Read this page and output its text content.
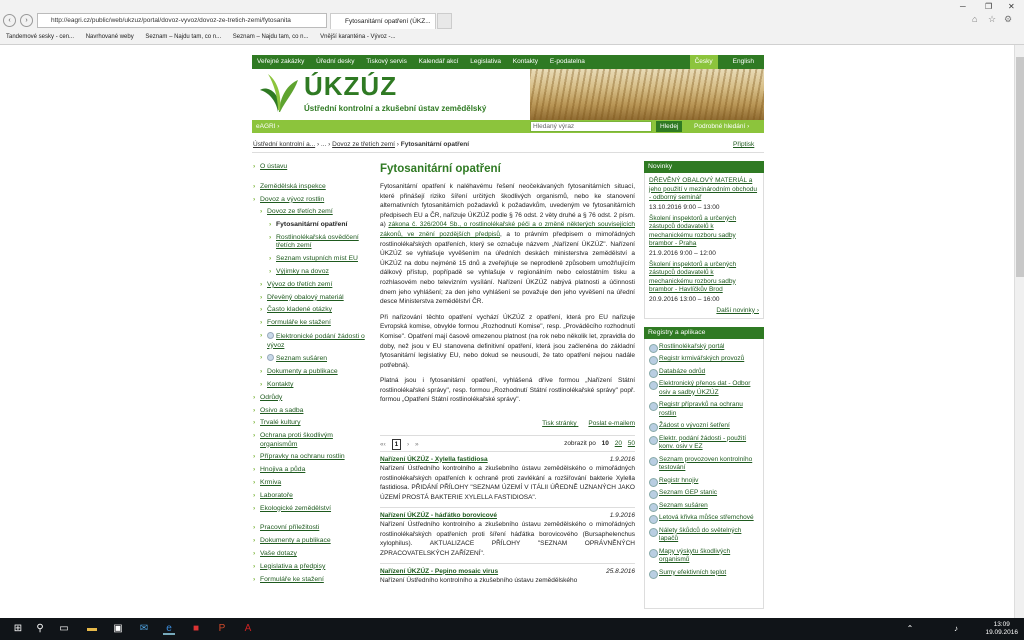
‹	›	http://eagri.cz/public/web/ukzuz/portal/dovoz-vyvoz/dovoz-ze-tretich-zemi/fytosanita	Fytosanitární opatření (ÚKZ...
─ ❐ ✕
⌂ ☆ ⚙
Tandemové sesky - cen... Navrhované weby Seznam – Najdu tam, co n... Seznam – Najdu tam, co n... Vnější karanténa - Vývoz -...
Veřejné zakázky Úřední desky Tiskový servis Kalendář akcí Legislativa Kontakty E-podatelna	Česky	English
ÚKZÚZ
Ústřední kontrolní a zkušební ústav zemědělský
eAGRI ›	Hledaný výraz	Hledej	Podrobné hledání ›
Ústřední kontrolní a... › ... › Dovoz ze třetích zemí › Fytosanitární opatření	Připtisk
› O ústavu
› Zemědělská inspekce
› Dovoz a vývoz rostlin
› Dovoz ze třetích zemí
› Fytosanitární opatření
› Rostlinolékařská osvědčení třetích zemí
› Seznam vstupních míst EU
› Výjimky na dovoz
› Vývoz do třetích zemí
› Dřevěný obalový materiál
› Často kladené otázky
› Formuláře ke stažení
› Elektronické podání žádosti o vývoz
› Seznam sušáren
› Dokumenty a publikace
› Kontakty
› Odrůdy
› Osivo a sadba
› Trvalé kultury
› Ochrana proti škodlivým organismům
› Přípravky na ochranu rostlin
› Hnojiva a půda
› Krmiva
› Laboratoře
› Ekologické zemědělství
› Pracovní příležitosti
› Dokumenty a publikace
› Vaše dotazy
› Legislativa a předpisy
› Formuláře ke stažení
Fytosanitární opatření

Fytosanitární opatření k naléhavému řešení neočekávaných fytosanitárních situací, které přinášejí riziko šíření určitých škodlivých organismů, nebo ke stanovení alternativních fytosanitárních požadavků k požadavkům, uvedeným ve fytosanitárních předpisech EU a ČR, nařizuje ÚKZÚZ podle § 76 odst. 2 věty druhé a § 76 odst. 2 písm. a) zákona č. 326/2004 Sb., o rostlinolékařské péči a o změně některých souvisejících zákonů, ve znění pozdějších předpisů, a to právním předpisem o mimořádných rostlinolékařských opatřeních, který se označuje názvem „Nařízení ÚKZÚZ". Nařízení ÚKZÚZ se vyhlašuje vyvěšením na úředních deskách ministerstva zemědělství a ÚKZÚZ na dobu nejméně 15 dnů a zveřejňuje se neprodleně způsobem umožňujícím dálkový přístup, popřípadě se vyhlašuje v regionálním nebo celostátním tisku a rozhlasovém nebo televizním vysílání. Nařízení ÚKZÚZ nabývá platnosti a účinnosti dnem jeho vyhlášení; za den jeho vyhlášení se považuje den jeho vyvěšení na úřední desce Ministerstva zemědělství ČR.

Při nařizování těchto opatření vychází ÚKZÚZ z opatření, která pro EU nařizuje Evropská komise, obvykle formou „Rozhodnutí Komise", resp. „Prováděcího rozhodnutí Komise". Opatření mají časově omezenou platnost (na rok nebo několik let, zpravidla do doby, než jsou v EU stanovena definitivní opatření, která jsou začleněna do základní fytosanitární legislativy EU, nebo dokud se neusoudí, že tato opatření nejsou nadále potřebná).

Platná jsou i fytosanitární opatření, vyhlášená dříve formou „Nařízení Státní rostlinolékařské správy", resp. formou „Rozhodnutí Státní rostlinolékařské správy" popř. formou „Opatření Státní rostlinolékařské správy".

Tisk stránky Poslat e-mailem
«‹ 1 › »	zobrazit po 10 20 50
Nařízení ÚKZÚZ - Xylella fastidiosa	1.9.2016
Nařízení Ústředního kontrolního a zkušebního ústavu zemědělského o mimořádných rostlinolékařských opatřeních k ochraně proti zavlékání a rozšiřování bakterie Xylella fastidiosa. PŘIDÁNÍ PŘÍLOHY "SEZNAM ÚZEMÍ V ITÁLII ÚŘEDNĚ UZNANÝCH JAKO ÚZEMÍ PROSTÁ BAKTERIE XYLELLA FASTIDIOSA".
Nařízení ÚKZÚZ - háďátko borovicové	1.9.2016
Nařízení Ústředního kontrolního a zkušebního ústavu zemědělského o mimořádných rostlinolékařských opatřeních proti šíření háďátka borovicového (Bursaphelenchus xylophilus). AKTUALIZACE PŘÍLOHY "SEZNAM OPRÁVNĚNÝCH ZPRACOVATELSKÝCH ZAŘÍZENÍ".
Nařízení ÚKZÚZ - Pepino mosaic virus	25.8.2016
Nařízení Ústředního kontrolního a zkušebního ústavu zemědělského
Novinky
DŘEVĚNÝ OBALOVÝ MATERIÁL a jeho použití v mezinárodním obchodu - odborný seminář
13.10.2016 9:00 – 13:00
Školení inspektorů a určených zástupců dodavatelů k mechanickému rozboru sadby brambor - Praha
21.9.2016 9:00 – 12:00
Školení inspektorů a určených zástupců dodavatelů k mechanickému rozboru sadby brambor - Havlíčkův Brod
20.9.2016 13:00 – 16:00
Další novinky ›
Registry a aplikace
Rostlinolékařský portál
Registr krmivářských provozů
Databáze odrůd
Elektronický přenos dat - Odbor osiv a sadby ÚKZÚZ
Registr přípravků na ochranu rostlin
Žádost o vývozní šetření
Elektr. podání žádosti - použití konv. osiv v EZ
Seznam provozoven kontrolního testování
Registr hnojiv
Seznam GEP stanic
Seznam sušáren
Letová křivka můšce střemchové
Nálety škůdců do světelných lapačů
Mapy výskytu škodlivých organismů
Sumy efektivních teplot
⊞ ⚲ ▭ ▬ ▣ ✉	e	■ P A	⌃	♪	13:09
19.09.2016
